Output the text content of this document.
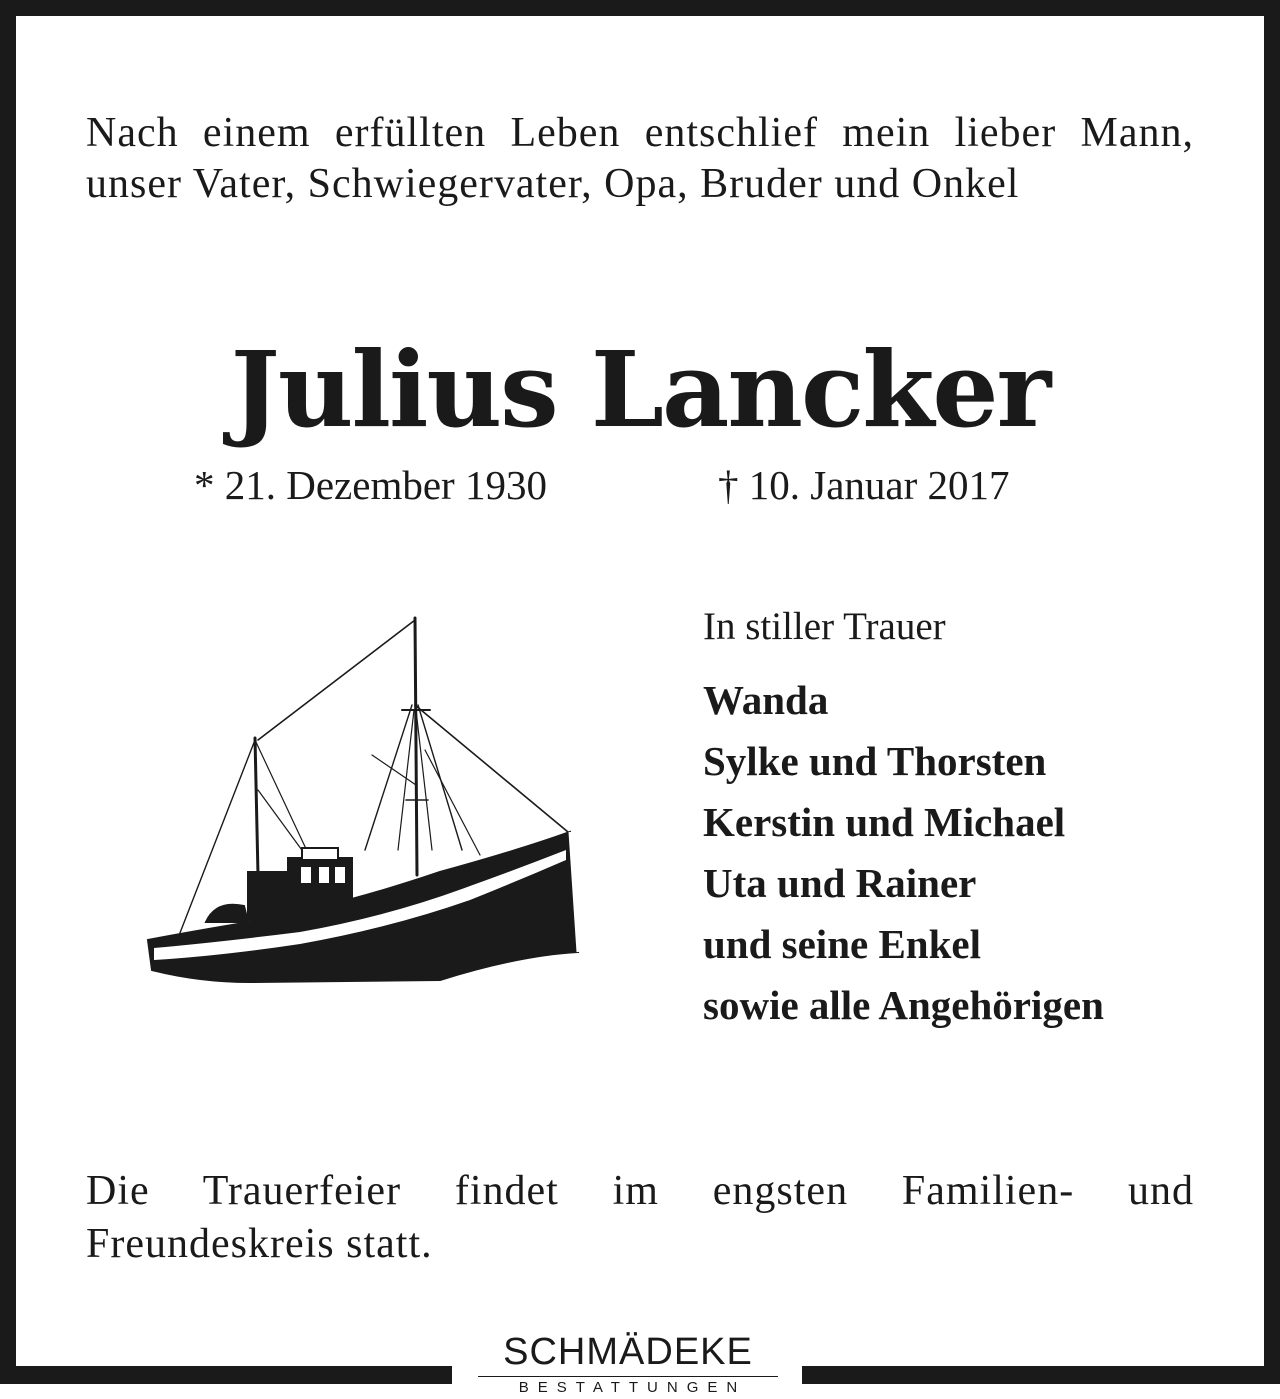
Nach einem erfüllten Leben entschlief mein lieber Mann, unser Vater, Schwiegervater, Opa, Bruder und Onkel

Julius Lancker
* 21. Dezember 1930	† 10. Januar 2017
In stiller Trauer
Wanda
Sylke und Thorsten
Kerstin und Michael
Uta und Rainer
und seine Enkel
sowie alle Angehörigen

Die Trauerfeier findet im engsten Familien- und Freundeskreis statt.

SCHMÄDEKE
BESTATTUNGEN
